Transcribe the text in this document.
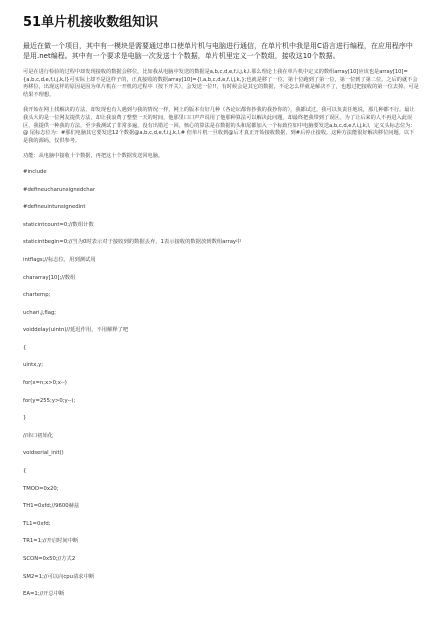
51单片机接收数组知识
最近在做一个项目，其中有一模块是需要通过串口使单片机与电脑进行通信，在单片机中我是用C语言进行编程，在应用程序中是用.net编程。其中有一个要求是电脑一次发送十个数据，单片机里定义一个数组，接收这10个数据。
可是在进行检验的过程中却发现接收的数据会移位，比如我从电脑中发送的数据是a,b,c,d,e,f,i,j,k,l.那么理论上我在单片机中定义的数组array[10]应该也是array[10]={a,b,c,d,e,f,i,j,k,l}可实际上却不是这样子的，正真接收的数据array[10]={l,a,b,c,d,e,f,i,j,k,};也就是移了一位，第十位跑到了第一位，第一位到了第二位。之后的就不会再移位，出现这样的原因是因为单片机在一开机的过程中（按下开关），会发送一位!!，有时候会是其它的数据，不论怎么样就是解决不了，也想过把接收的第一位去掉，可是结果不理想。
我开始在网上找解决的方法，却发现也有人遇到与我的情况一样，网上的版本有好几种（各论坛都你抄我的我抄你的），我都试过，我可以负责任地说，那几种都不行。最让我头大的是一位网友提供方法，却让我浪费了整整一天的时间，他那里口口声声说用了他那种算法可以解决此问题，却最终把我带到了误区。为了让后来的人不再进入此误区，我提供一种我的方法，至少我测试了非常多遍，没有出错过一回。核心的算法是在数据的头和尾都加入一个标致位如中电脑要发送a,b,c,d,e,f,i,j,k,l，定义头标志位为：@ 尾标志位为：#那们电脑其它要发送12个数据@a,b,c,d,e,f,i,j,k,l,# 但单片机一旦收到@后才真正开始接收数据，到#后停止接收。这种方法能很好解决移位问题。以下是我的源码，仅供参考。
功能：从电脑中接收十个数据，再把这十个数据发送回电脑。
#include
#defineucharunsignedchar
#defineuintunsignedint
staticintcount=0;//数组计数
staticintbegin=0;//当为0时表示对于接收到的数据丢弃，1表示接收的数据放到数组array中
intflags;//标志位，用到测试用
chararray[10];//数组
chartemp;
uchari,j,flag;
voiddelay(uintn)//延迟作用，不用解释了吧
{
uintx,y;
for(x=n;x>0;x--)
for(y=255;y>0;y--);
}
//串口初始化
voidserial_init()
{
TMOD=0x20;
TH1=0xfd;//9600赫兹
TL1=0xfd;
TR1=1;//开启时间中断
SCON=0x50;//方式2
SM2=1;//可以向cpu请求中断
EA=1;//开总中断
